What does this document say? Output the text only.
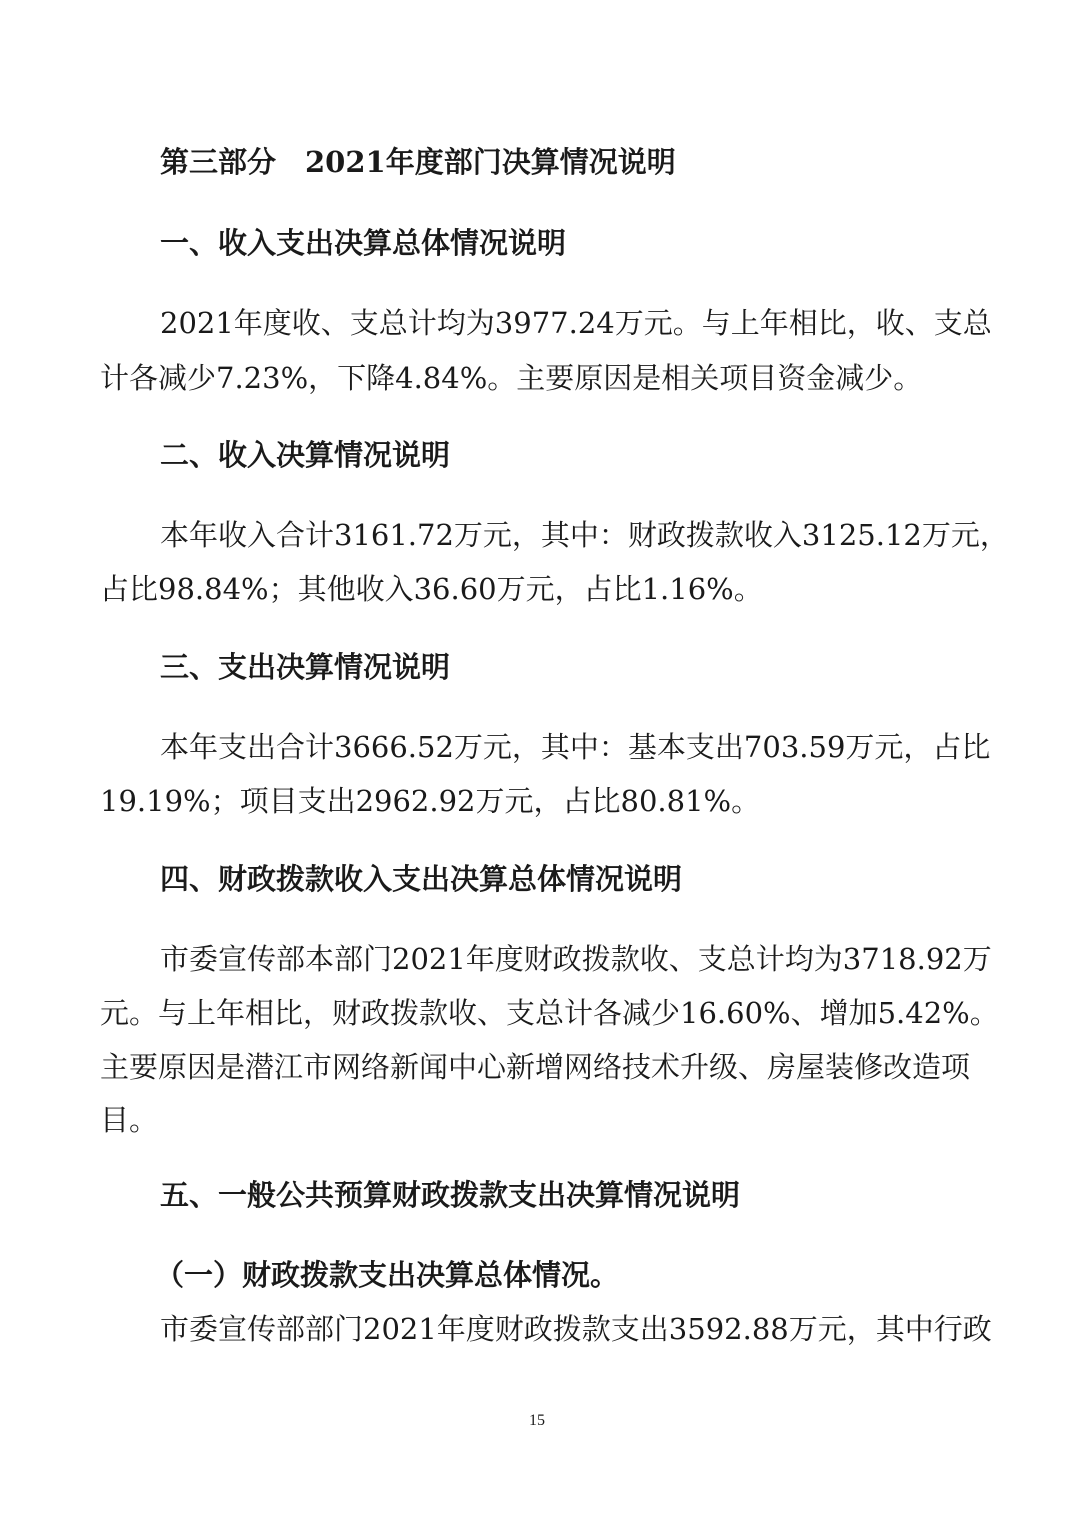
第三部分　2021年度部门决算情况说明
一、收入支出决算总体情况说明
2021年度收、支总计均为3977.24万元。与上年相比，收、支总
计各减少7.23%，下降4.84%。主要原因是相关项目资金减少。
二、收入决算情况说明
本年收入合计3161.72万元，其中：财政拨款收入3125.12万元，
占比98.84%；其他收入36.60万元，占比1.16%。
三、支出决算情况说明
本年支出合计3666.52万元，其中：基本支出703.59万元，占比
19.19%；项目支出2962.92万元，占比80.81%。
四、财政拨款收入支出决算总体情况说明
市委宣传部本部门2021年度财政拨款收、支总计均为3718.92万
元。与上年相比，财政拨款收、支总计各减少16.60%、增加5.42%。
主要原因是潜江市网络新闻中心新增网络技术升级、房屋装修改造项
目。
五、一般公共预算财政拨款支出决算情况说明
（一）财政拨款支出决算总体情况。
市委宣传部部门2021年度财政拨款支出3592.88万元，其中行政
15
